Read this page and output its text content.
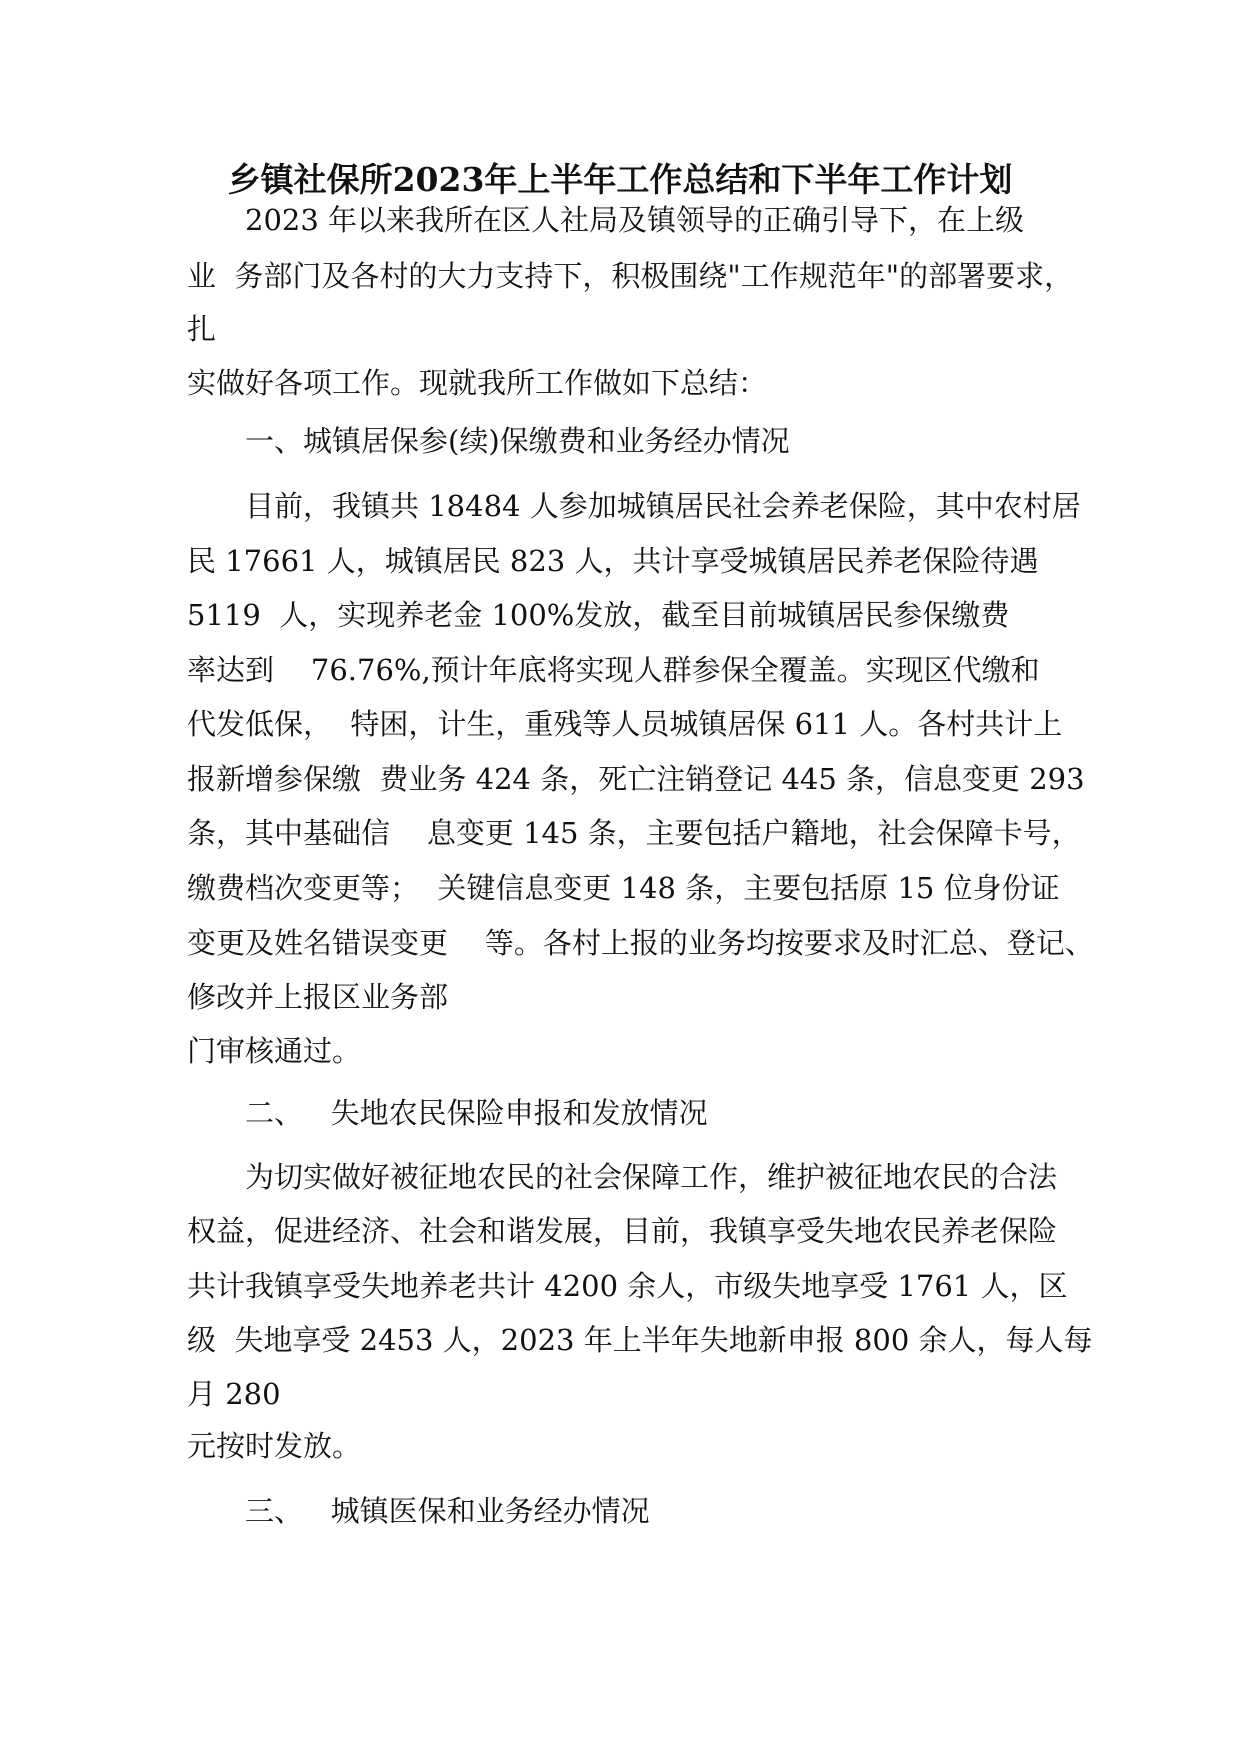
乡镇社保所2023年上半年工作总结和下半年工作计划
2023 年以来我所在区人社局及镇领导的正确引导下，在上级
业  务部门及各村的大力支持下，积极围绕"工作规范年"的部署要求，
扎
实做好各项工作。现就我所工作做如下总结：
一、城镇居保参(续)保缴费和业务经办情况
目前，我镇共 18484 人参加城镇居民社会养老保险，其中农村居
民 17661 人，城镇居民 823 人，共计享受城镇居民养老保险待遇
5119  人，实现养老金 100%发放，截至目前城镇居民参保缴费
率达到    76.76%,预计年底将实现人群参保全覆盖。实现区代缴和
代发低保，  特困，计生，重残等人员城镇居保 611 人。各村共计上
报新增参保缴  费业务 424 条，死亡注销登记 445 条，信息变更 293
条，其中基础信    息变更 145 条，主要包括户籍地，社会保障卡号，
缴费档次变更等；  关键信息变更 148 条，主要包括原 15 位身份证
变更及姓名错误变更    等。各村上报的业务均按要求及时汇总、登记、
修改并上报区业务部
门审核通过。
二、   失地农民保险申报和发放情况
为切实做好被征地农民的社会保障工作，维护被征地农民的合法
权益，促进经济、社会和谐发展，目前，我镇享受失地农民养老保险
共计我镇享受失地养老共计 4200 余人，市级失地享受 1761 人，区
级  失地享受 2453 人，2023 年上半年失地新申报 800 余人，每人每
月 280
元按时发放。
三、   城镇医保和业务经办情况
